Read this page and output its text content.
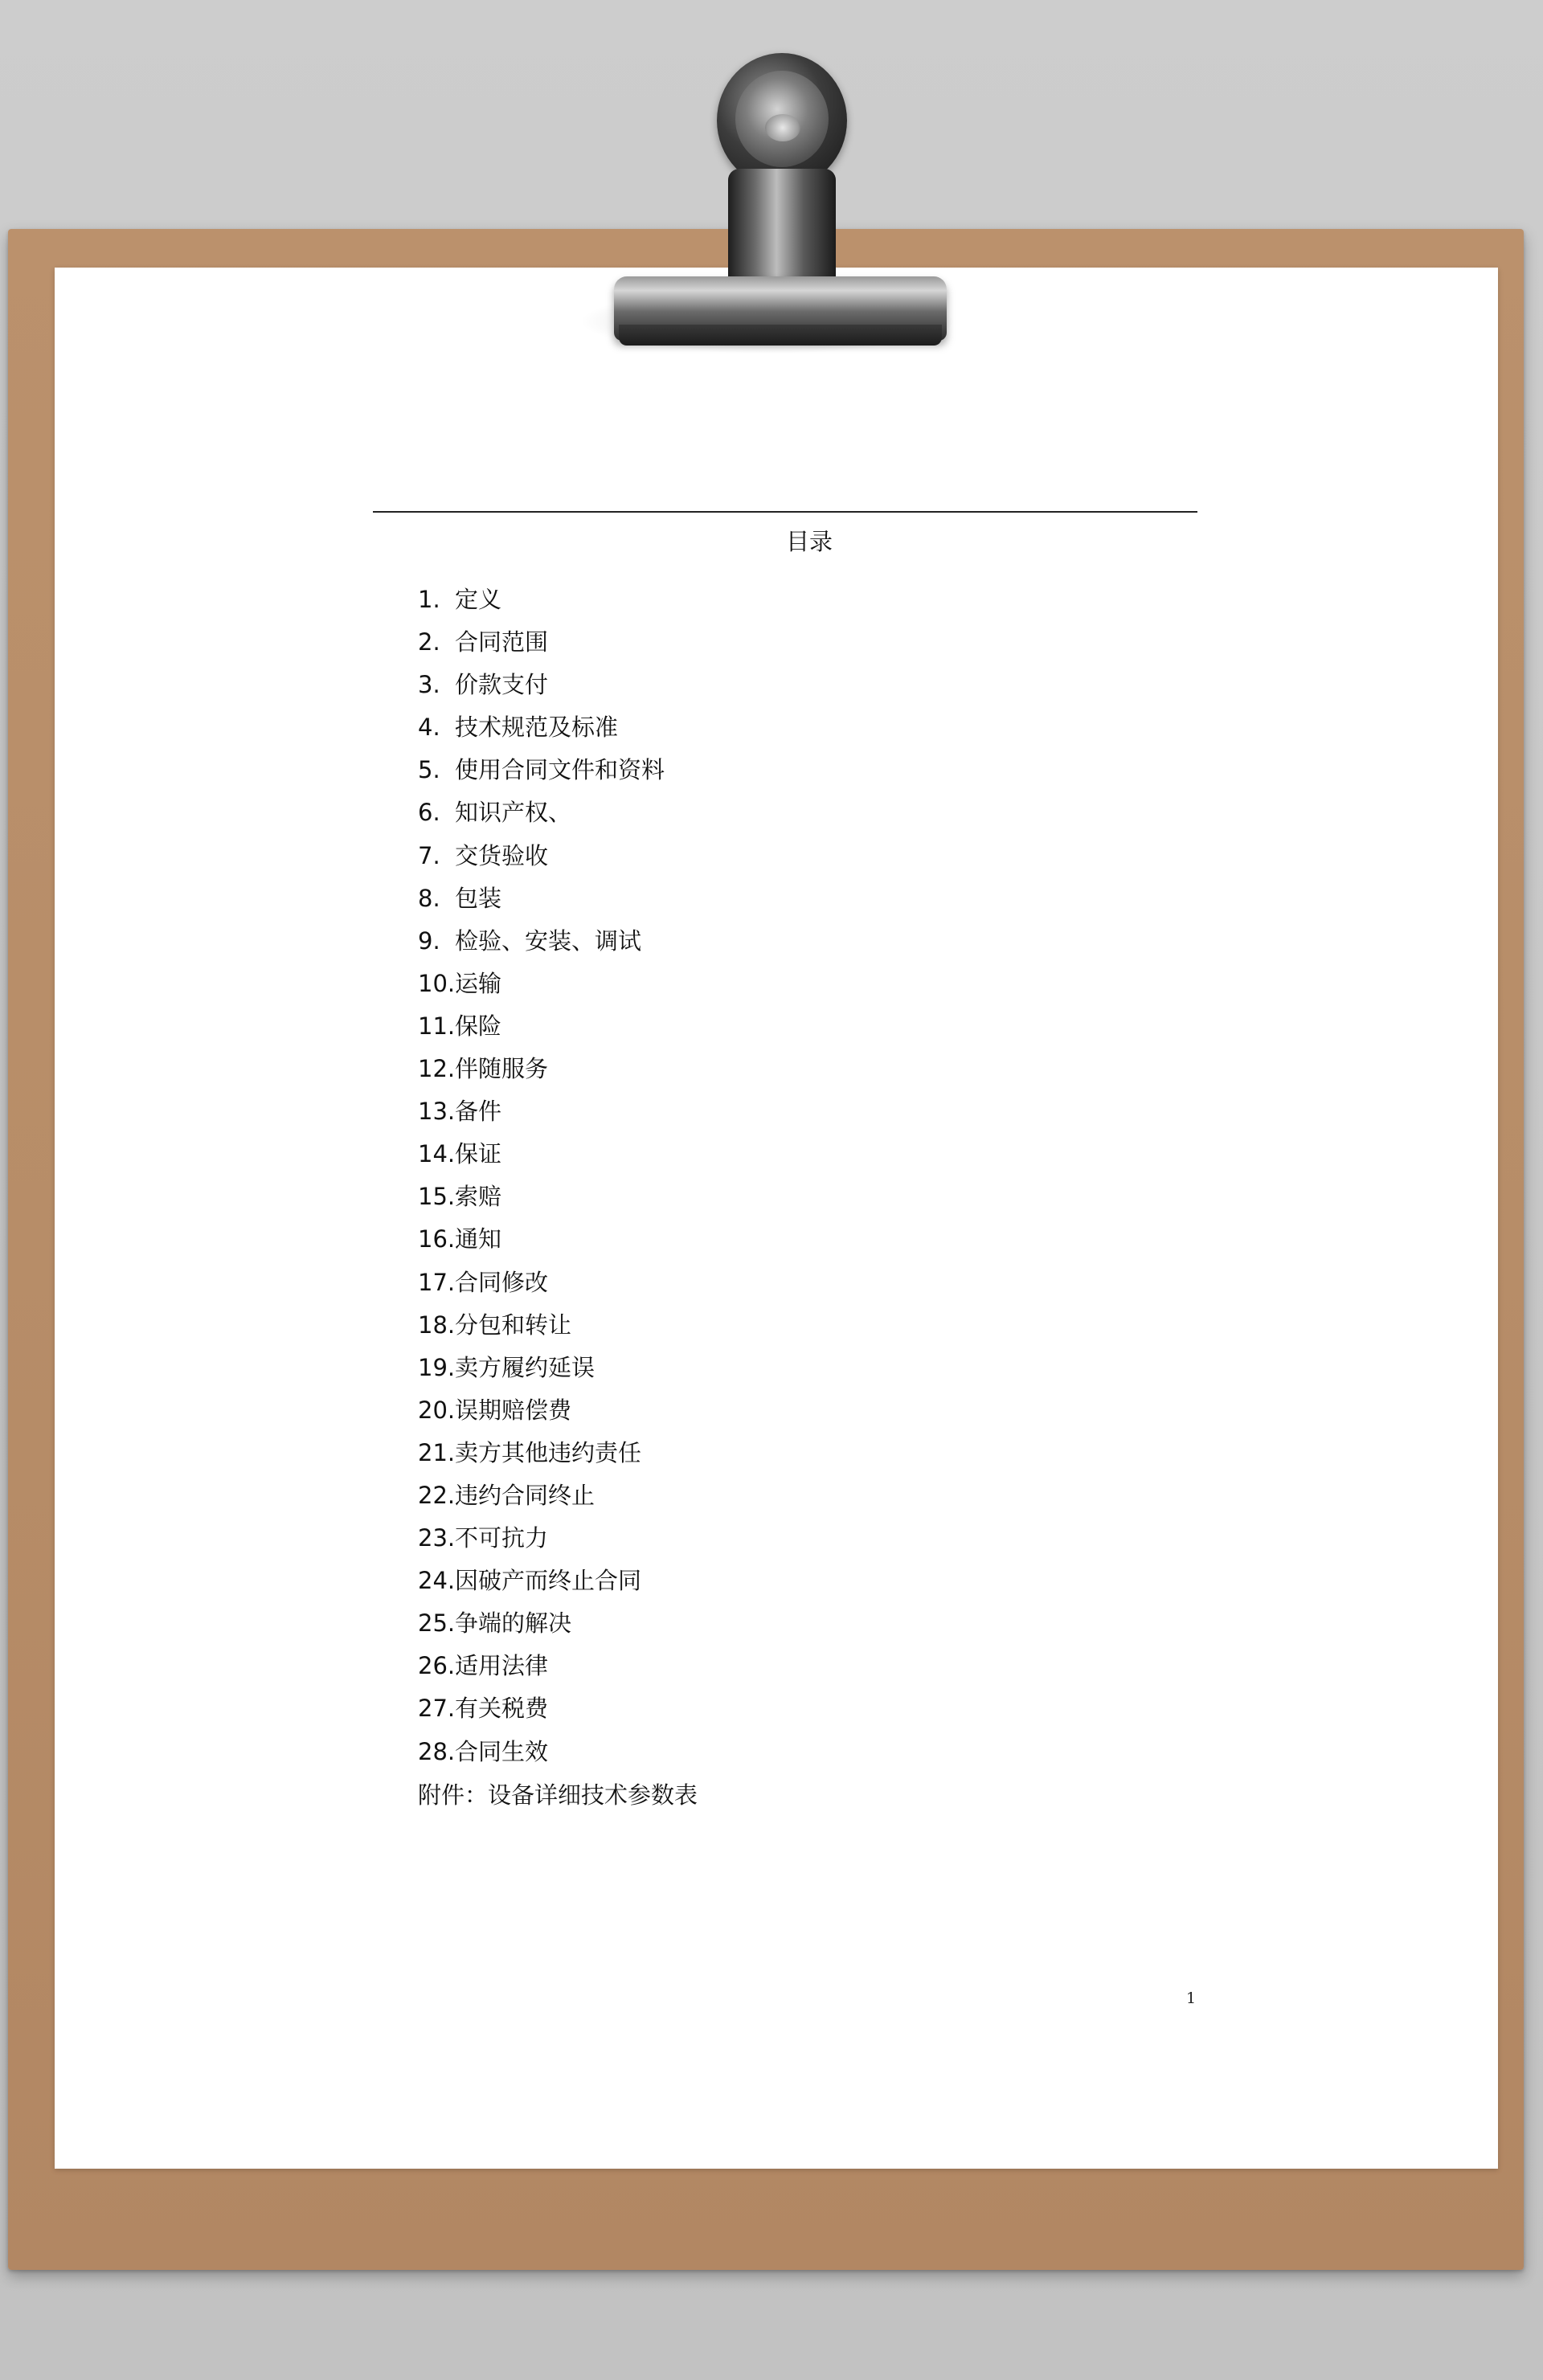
目录
1. 定义
2. 合同范围
3. 价款支付
4. 技术规范及标准
5. 使用合同文件和资料
6. 知识产权、
7. 交货验收
8. 包装
9. 检验、安装、调试
10.运输
11.保险
12.伴随服务
13.备件
14.保证
15.索赔
16.通知
17.合同修改
18.分包和转让
19.卖方履约延误
20.误期赔偿费
21.卖方其他违约责任
22.违约合同终止
23.不可抗力
24.因破产而终止合同
25.争端的解决
26.适用法律
27.有关税费
28.合同生效
附件：设备详细技术参数表
1
